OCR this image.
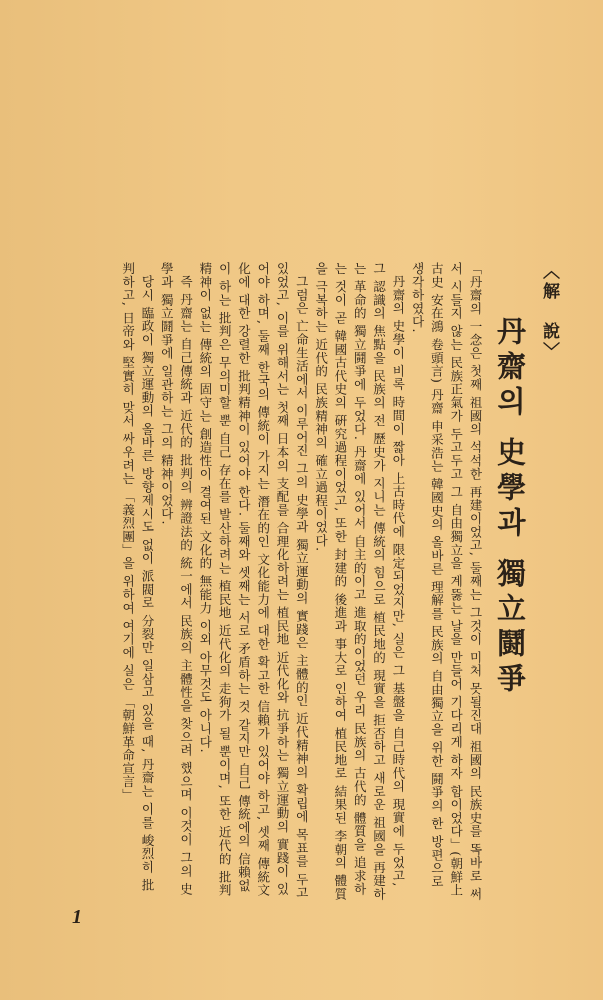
〈解　說〉
丹齋의 史學과 獨立鬪爭

「丹齋의 一念은 첫째 祖國의 석석한 再建이었고, 둘째는 그것이 미처 못될진대 祖國의 民族史를 똑바로 써서 시들지 않는 民族正氣가 두고두고 그 自由獨立을 계뚫는 날을 만들어 기다리게 하자 함이었다」(朝鮮上古史 安在鴻 卷頭言) 丹齋 申采浩는 韓國史의 올바른 理解를 民族의 自由獨立을 위한 鬪爭의 한 방편으로 생각하였다.

丹齋의 史學이 비록 時間이 짧아 上古時代에 限定되었지만, 실은 그 基盤을 自己時代의 現實에 두었고, 그 認識의 焦點을 民族의 전 歷史가 지니는 傳統의 힘으로 植民地的 現實을 拒否하고 새로운 祖國을 再建하는 革命的 獨立鬪爭에 두었다. 丹齋에 있어서 自主的이고 進取的이었던 우리 民族의 古代的 體質을 追求하는 것이 곧 韓國古代史의 硏究過程이었고, 또한 封建的 後進과 事大로 인하여 植民地로 結果된 李朝의 體質을 극복하는 近代的 民族精神의 確立過程이었다.

그럼은 亡命生活에서 이루어진 그의 史學과 獨立運動의 實踐은 主體的인 近代精神의 확립에 목표를 두고 있었고, 이를 위해서는 첫째 日本의 支配를 合理化하려는 植民地 近代化와 抗爭하는 獨立運動의 實踐이 있어야 하며, 둘째 한국의 傳統이 가지는 潛在的인 文化能力에 대한 확고한 信賴가 있어야 하고, 셋째 傳統文化에 대한 강렬한 批判精神이 있어야 한다. 둘째와 셋째는 서로 矛盾하는 것 같지만 自己 傳統에의 信賴없이 하는 批判은 무의미할 뿐 自己 存在를 발산하려는 植民地 近代化의 走狗가 될 뿐이며, 또한 近代的 批判精神이 없는 傳統의 固守는 創造性이 결여된 文化的 無能力 이외 아무것도 아니다.

즉 丹齋는 自己傳統과 近代的 批判의 辨證法的 統一에서 民族의 主體性을 찾으려 했으며 이것이 그의 史學과 獨立鬪爭에 일관하는 그의 精神이었다.

당시 臨政이 獨立運動의 올바른 방향제시도 없이 派閥로 分裂만 일삼고 있을 때, 丹齋는 이를 峻烈히 批判하고, 日帝와 堅實히 맞서 싸우려는 「義烈團」을 위하여 여기에 실은 「朝鮮革命宣言」

1
